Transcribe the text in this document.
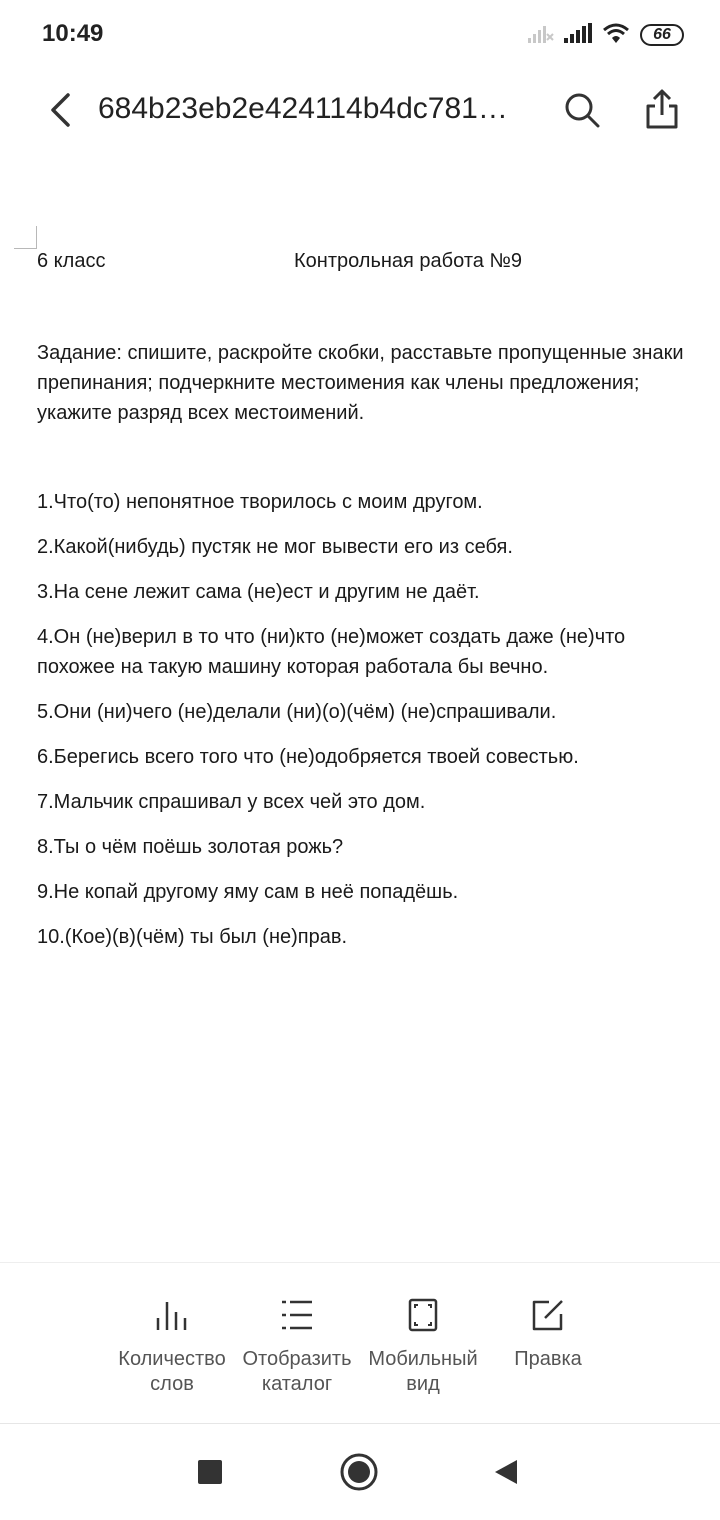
10:49	66
684b23eb2e424114b4dc781…
6 класс	Контрольная работа №9
Задание: спишите, раскройте скобки, расставьте пропущенные знаки препинания; подчеркните местоимения как члены предложения; укажите разряд всех местоимений.
1.Что(то) непонятное творилось с моим другом.
2.Какой(нибудь) пустяк не мог вывести его из себя.
3.На сене лежит сама (не)ест и другим не даёт.
4.Он (не)верил в то что (ни)кто (не)может создать даже (не)что похожее на такую машину которая работала бы вечно.
5.Они (ни)чего (не)делали (ни)(о)(чём) (не)спрашивали.
6.Берегись всего того что (не)одобряется твоей совестью.
7.Мальчик спрашивал у всех чей это дом.
8.Ты о чём поёшь золотая рожь?
9.Не копай другому яму сам в неё попадёшь.
10.(Кое)(в)(чём) ты был (не)прав.
Количество
слов
Отобразить
каталог
Мобильный
вид
Правка
